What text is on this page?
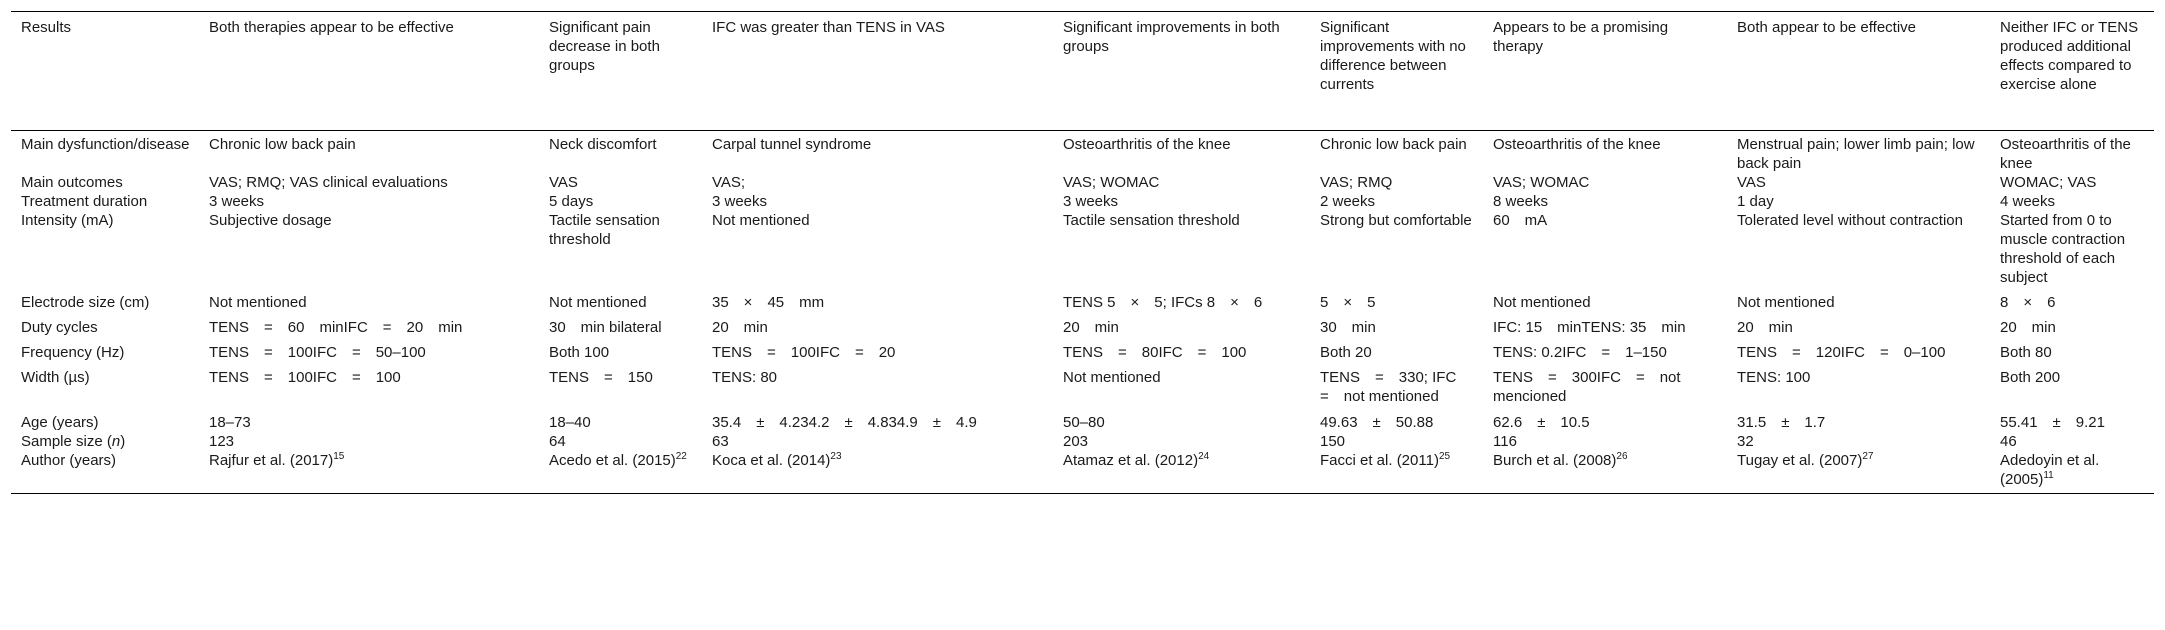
Results	Both therapies appear to be effective	Significant pain decrease in both groups	IFC was greater than TENS in VAS	Significant improvements in both groups	Significant improvements with no difference between currents	Appears to be a promising therapy	Both appear to be effective	Neither IFC or TENS produced additional effects compared to exercise alone
Main dysfunction/disease	Chronic low back pain	Neck discomfort	Carpal tunnel syndrome	Osteoarthritis of the knee	Chronic low back pain	Osteoarthritis of the knee	Menstrual pain; lower limb pain; low back pain	Osteoarthritis of the knee
Main outcomes	VAS; RMQ; VAS clinical evaluations	VAS	VAS;	VAS; WOMAC	VAS; RMQ	VAS; WOMAC	VAS	WOMAC; VAS
Treatment duration	3 weeks	5 days	3 weeks	3 weeks	2 weeks	8 weeks	1 day	4 weeks
Intensity (mA)	Subjective dosage	Tactile sensation threshold	Not mentioned	Tactile sensation threshold	Strong but comfortable	60 mA	Tolerated level without contraction	Started from 0 to muscle contraction threshold of each subject
Electrode size (cm)	Not mentioned	Not mentioned	35 × 45 mm	TENS 5 × 5; IFCs 8 × 6	5 × 5	Not mentioned	Not mentioned	8 × 6
Duty cycles	TENS = 60 minIFC = 20 min	30 min bilateral	20 min	20 min	30 min	IFC: 15 minTENS: 35 min	20 min	20 min
Frequency (Hz)	TENS = 100IFC = 50–100	Both 100	TENS = 100IFC = 20	TENS = 80IFC = 100	Both 20	TENS: 0.2IFC = 1–150	TENS = 120IFC = 0–100	Both 80
Width (µs)	TENS = 100IFC = 100	TENS = 150	TENS: 80	Not mentioned	TENS = 330; IFC = not mentioned	TENS = 300IFC = not mencioned	TENS: 100	Both 200
Age (years)	18–73	18–40	35.4 ± 4.234.2 ± 4.834.9 ± 4.9	50–80	49.63 ± 50.88	62.6 ± 10.5	31.5 ± 1.7	55.41 ± 9.21
Sample size (n)	123	64	63	203	150	116	32	46
Author (years)	Rajfur et al. $(2017)^{15}$	Acedo et al. $(2015)^{22}$	Koca et al. $(2014)^{23}$	Atamaz et al. $(2012)^{24}$	Facci et al. $(2011)^{25}$	Burch et al. $(2008)^{26}$	Tugay et al. $(2007)^{27}$	Adedoyin et al. $(2005)^{11}$
